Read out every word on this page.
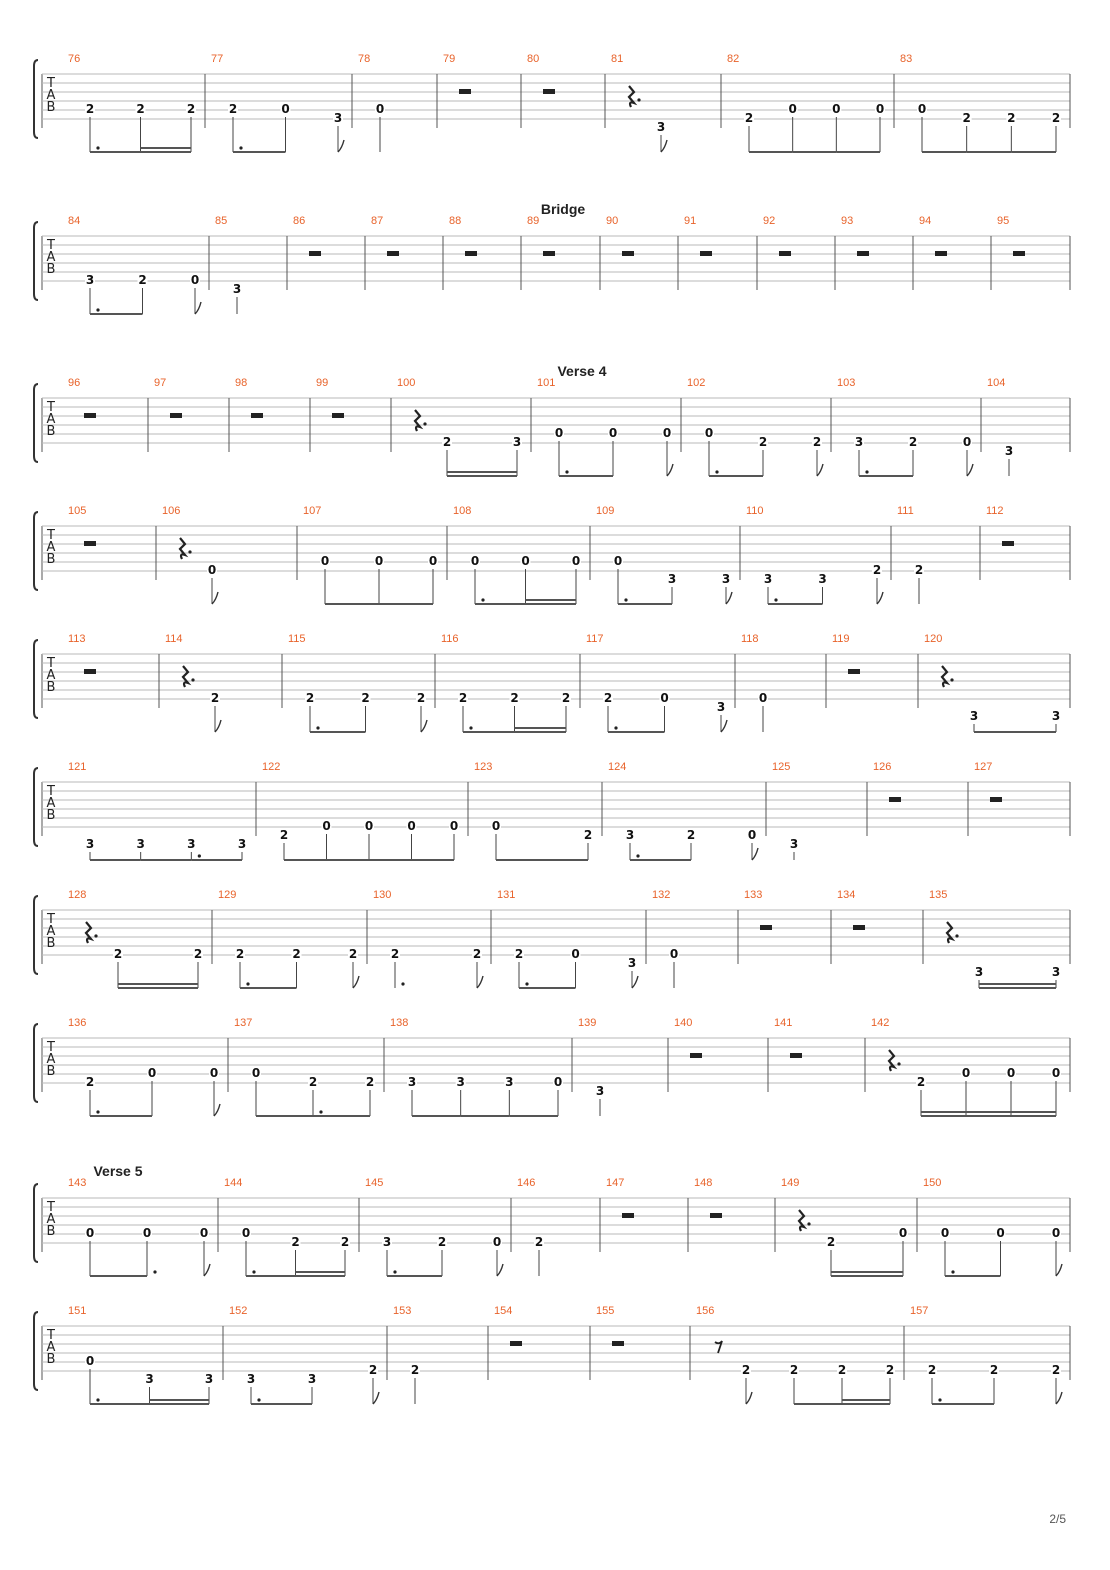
T
A
B
76
2	2	2
77
2	0
3
78
0
79	80	81
3
82
2
0	0	0
83
0
2	2	2
Bridge
T
A
B
84
3	2	0
85
3
86	87	88	89	90	91	92	93	94	95
Verse 4
T
A
B
96	97	98	99	100
2	3
101
0	0	0
102
0
2	2
103
3	2	0
104
3
T
A
B
105	106
0
107
0	0	0
108
0	0	0
109
0
3	3
110
3	3
2
111
2
112
T
A
B
113	114
2
115
2	2	2
116
2	2	2
117
2	0
3
118
0
119	120
3	3
T
A
B
121
3	3	3	3
122
2
0	0	0	0
123
0
2
124
3	2	0
125
3
126	127
T
A
B
128
2	2
129
2	2	2
130
2	2
131
2	0
3
132
0
133	134	135
3	3
T
A
B
136
2
0	0
137
0
2	2
138
3	3	3	0
139
3
140	141	142
2
0	0	0
Verse 5
T
A
B
143
0	0	0
144
0
2	2
145
3	2	0
146
2
147	148	149
2
0
150
0	0	0
T
A
B
151
0
3	3
152
3	3
2
153
2
154	155	156
2	2	2	2
157
2	2	2
2/5
